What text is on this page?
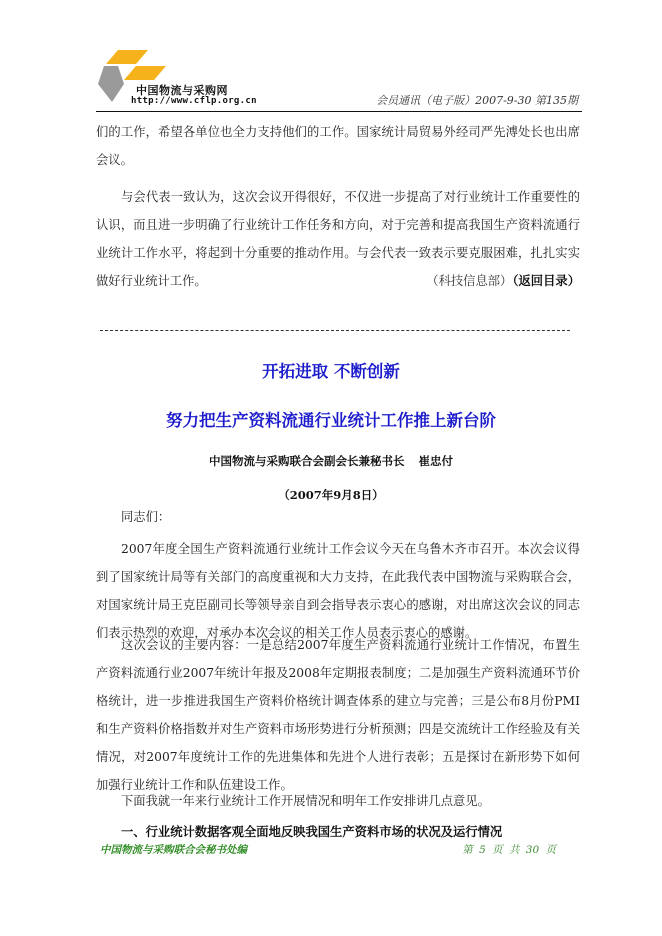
中国物流与采购网
http://www.cflp.org.cn	会员通讯（电子版）2007-9-30 第135期

们的工作，希望各单位也全力支持他们的工作。国家统计局贸易外经司严先溥处长也出席会议。

与会代表一致认为，这次会议开得很好，不仅进一步提高了对行业统计工作重要性的认识，而且进一步明确了行业统计工作任务和方向，对于完善和提高我国生产资料流通行业统计工作水平，将起到十分重要的推动作用。与会代表一致表示要克服困难，扎扎实实做好行业统计工作。	（科技信息部）（返回目录）
开拓进取 不断创新
努力把生产资料流通行业统计工作推上新台阶
中国物流与采购联合会副会长兼秘书长 崔忠付
（2007年9月8日）

同志们：

2007年度全国生产资料流通行业统计工作会议今天在乌鲁木齐市召开。本次会议得到了国家统计局等有关部门的高度重视和大力支持，在此我代表中国物流与采购联合会，对国家统计局王克臣副司长等领导亲自到会指导表示衷心的感谢，对出席这次会议的同志们表示热烈的欢迎，对承办本次会议的相关工作人员表示衷心的感谢。

这次会议的主要内容：一是总结2007年度生产资料流通行业统计工作情况，布置生产资料流通行业2007年统计年报及2008年定期报表制度；二是加强生产资料流通环节价格统计，进一步推进我国生产资料价格统计调查体系的建立与完善；三是公布8月份PMI和生产资料价格指数并对生产资料市场形势进行分析预测；四是交流统计工作经验及有关情况，对2007年度统计工作的先进集体和先进个人进行表彰；五是探讨在新形势下如何加强行业统计工作和队伍建设工作。

下面我就一年来行业统计工作开展情况和明年工作安排讲几点意见。

一、行业统计数据客观全面地反映我国生产资料市场的状况及运行情况
中国物流与采购联合会秘书处编	第 5 页 共 30 页
